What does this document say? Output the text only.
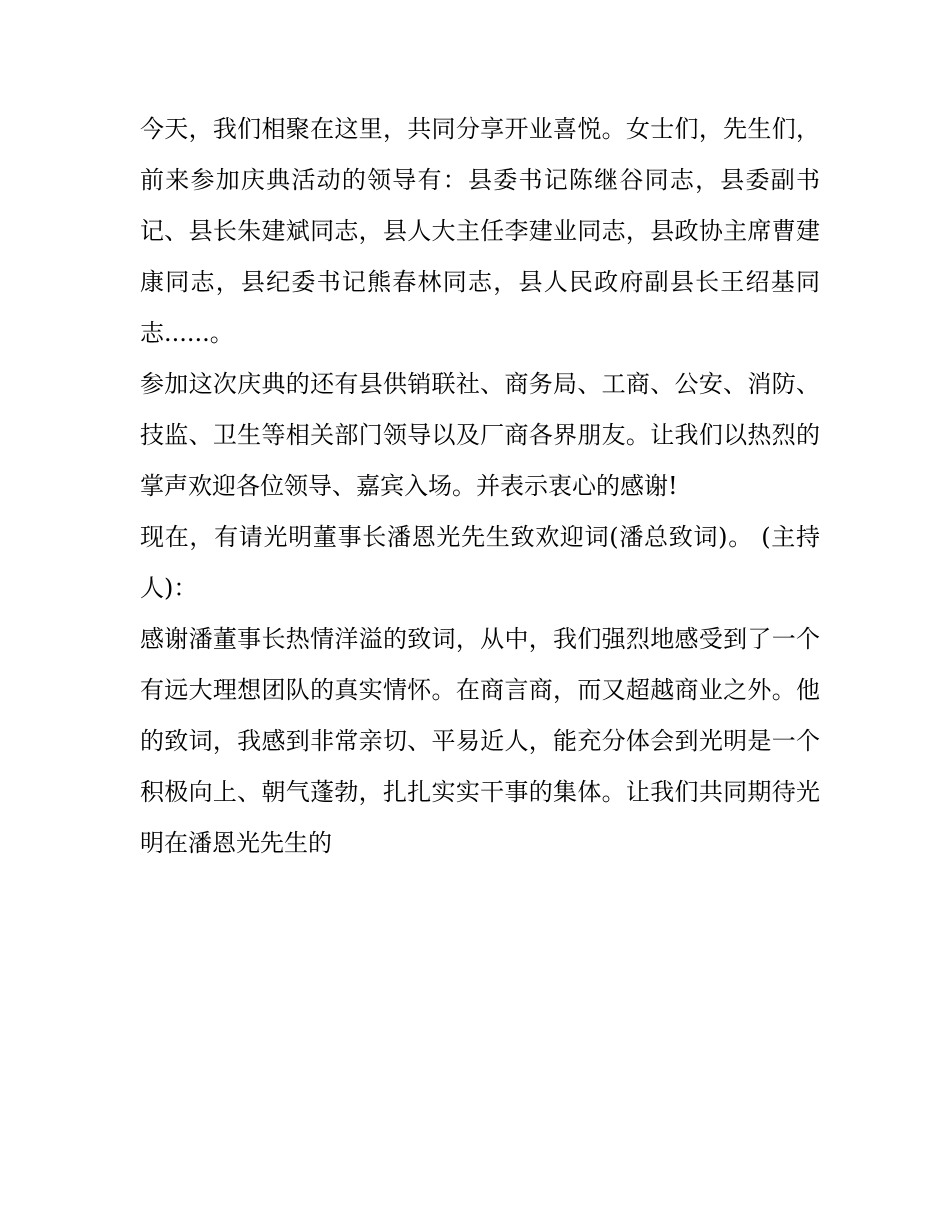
今天，我们相聚在这里，共同分享开业喜悦。女士们，先生们，前来参加庆典活动的领导有：县委书记陈继谷同志，县委副书记、县长朱建斌同志，县人大主任李建业同志，县政协主席曹建康同志，县纪委书记熊春林同志，县人民政府副县长王绍基同志......。

参加这次庆典的还有县供销联社、商务局、工商、公安、消防、技监、卫生等相关部门领导以及厂商各界朋友。让我们以热烈的掌声欢迎各位领导、嘉宾入场。并表示衷心的感谢!

现在，有请光明董事长潘恩光先生致欢迎词(潘总致词)。 (主持人)：

感谢潘董事长热情洋溢的致词，从中，我们强烈地感受到了一个有远大理想团队的真实情怀。在商言商，而又超越商业之外。他的致词，我感到非常亲切、平易近人，能充分体会到光明是一个积极向上、朝气蓬勃，扎扎实实干事的集体。让我们共同期待光明在潘恩光先生的
